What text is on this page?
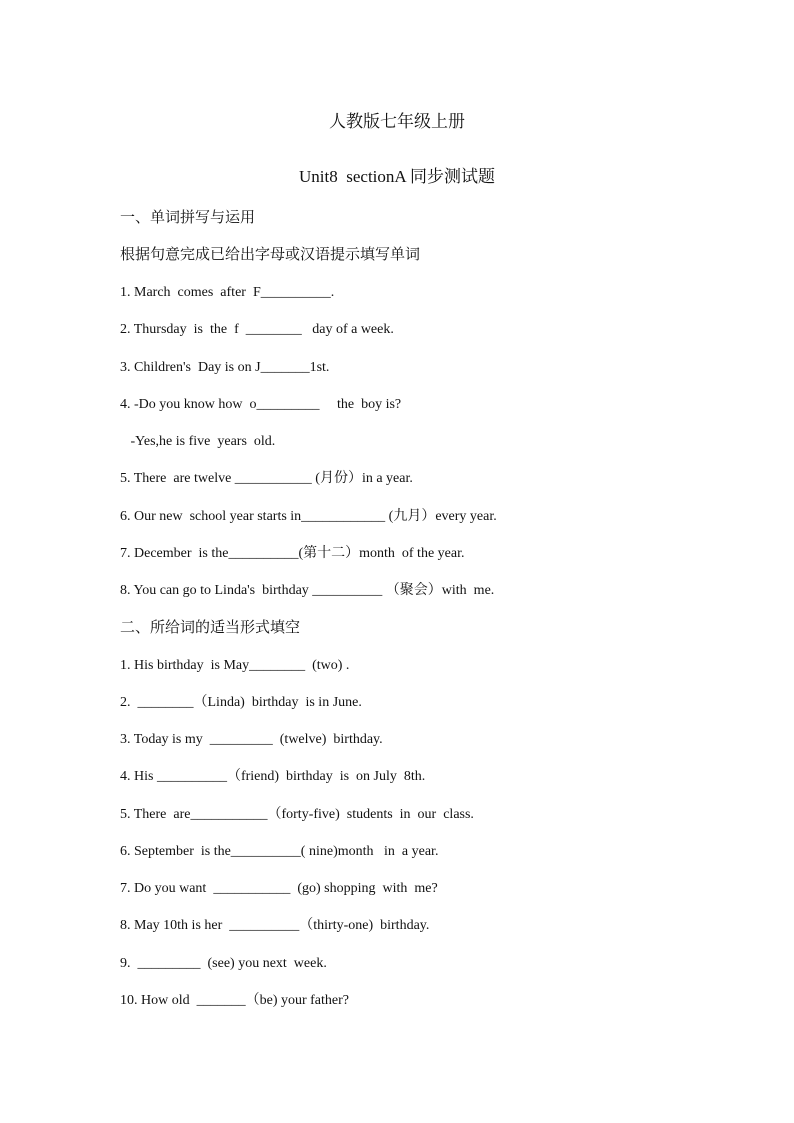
人教版七年级上册
Unit8  sectionA 同步测试题
一、单词拼写与运用
根据句意完成已给出字母或汉语提示填写单词
1. March  comes  after  F__________.
2. Thursday  is  the  f  ________   day of a week.
3. Children's  Day is on J_______1st.
4. -Do you know how  o_________     the  boy is?
-Yes,he is five  years  old.
5. There  are twelve ___________ (月份）in a year.
6. Our new  school year starts in____________ (九月）every year.
7. December  is the__________(第十二）month  of the year.
8. You can go to Linda's  birthday __________ （聚会）with  me.
二、所给词的适当形式填空
1. His birthday  is May________  (two) .
2.  ________（Linda)  birthday  is in June.
3. Today is my  _________  (twelve)  birthday.
4. His __________（friend)  birthday  is  on July  8th.
5. There  are___________（forty-five)  students  in  our  class.
6. September  is the__________( nine)month   in  a year.
7. Do you want  ___________  (go) shopping  with  me?
8. May 10th is her  __________（thirty-one)  birthday.
9.  _________  (see) you next  week.
10. How old  _______（be) your father?
